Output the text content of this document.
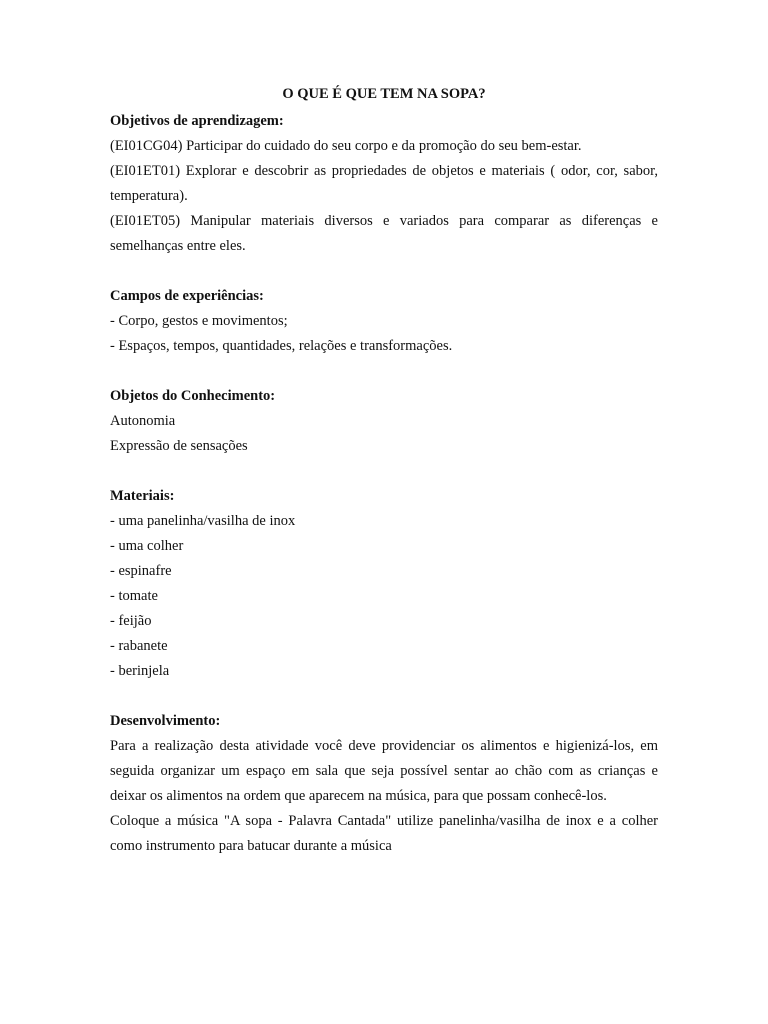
O QUE É QUE TEM NA SOPA?

Objetivos de aprendizagem:

(EI01CG04) Participar do cuidado do seu corpo e da promoção do seu bem-estar.

(EI01ET01) Explorar e descobrir as propriedades de objetos e materiais ( odor, cor, sabor, temperatura).

(EI01ET05) Manipular materiais diversos e variados para comparar as diferenças e semelhanças entre eles.

Campos de experiências:

- Corpo, gestos e movimentos;

- Espaços, tempos, quantidades, relações e transformações.

Objetos do Conhecimento:

Autonomia

Expressão de sensações

Materiais:

- uma panelinha/vasilha de inox
- uma colher
- espinafre
- tomate
- feijão
- rabanete
- berinjela

Desenvolvimento:

Para a realização desta atividade você deve providenciar os alimentos e higienizá-los, em seguida organizar um espaço em sala que seja possível sentar ao chão com as crianças e deixar os alimentos na ordem que aparecem na música, para que possam conhecê-los.

Coloque a música "A sopa - Palavra Cantada" utilize panelinha/vasilha de inox e a colher como instrumento para batucar durante a música
